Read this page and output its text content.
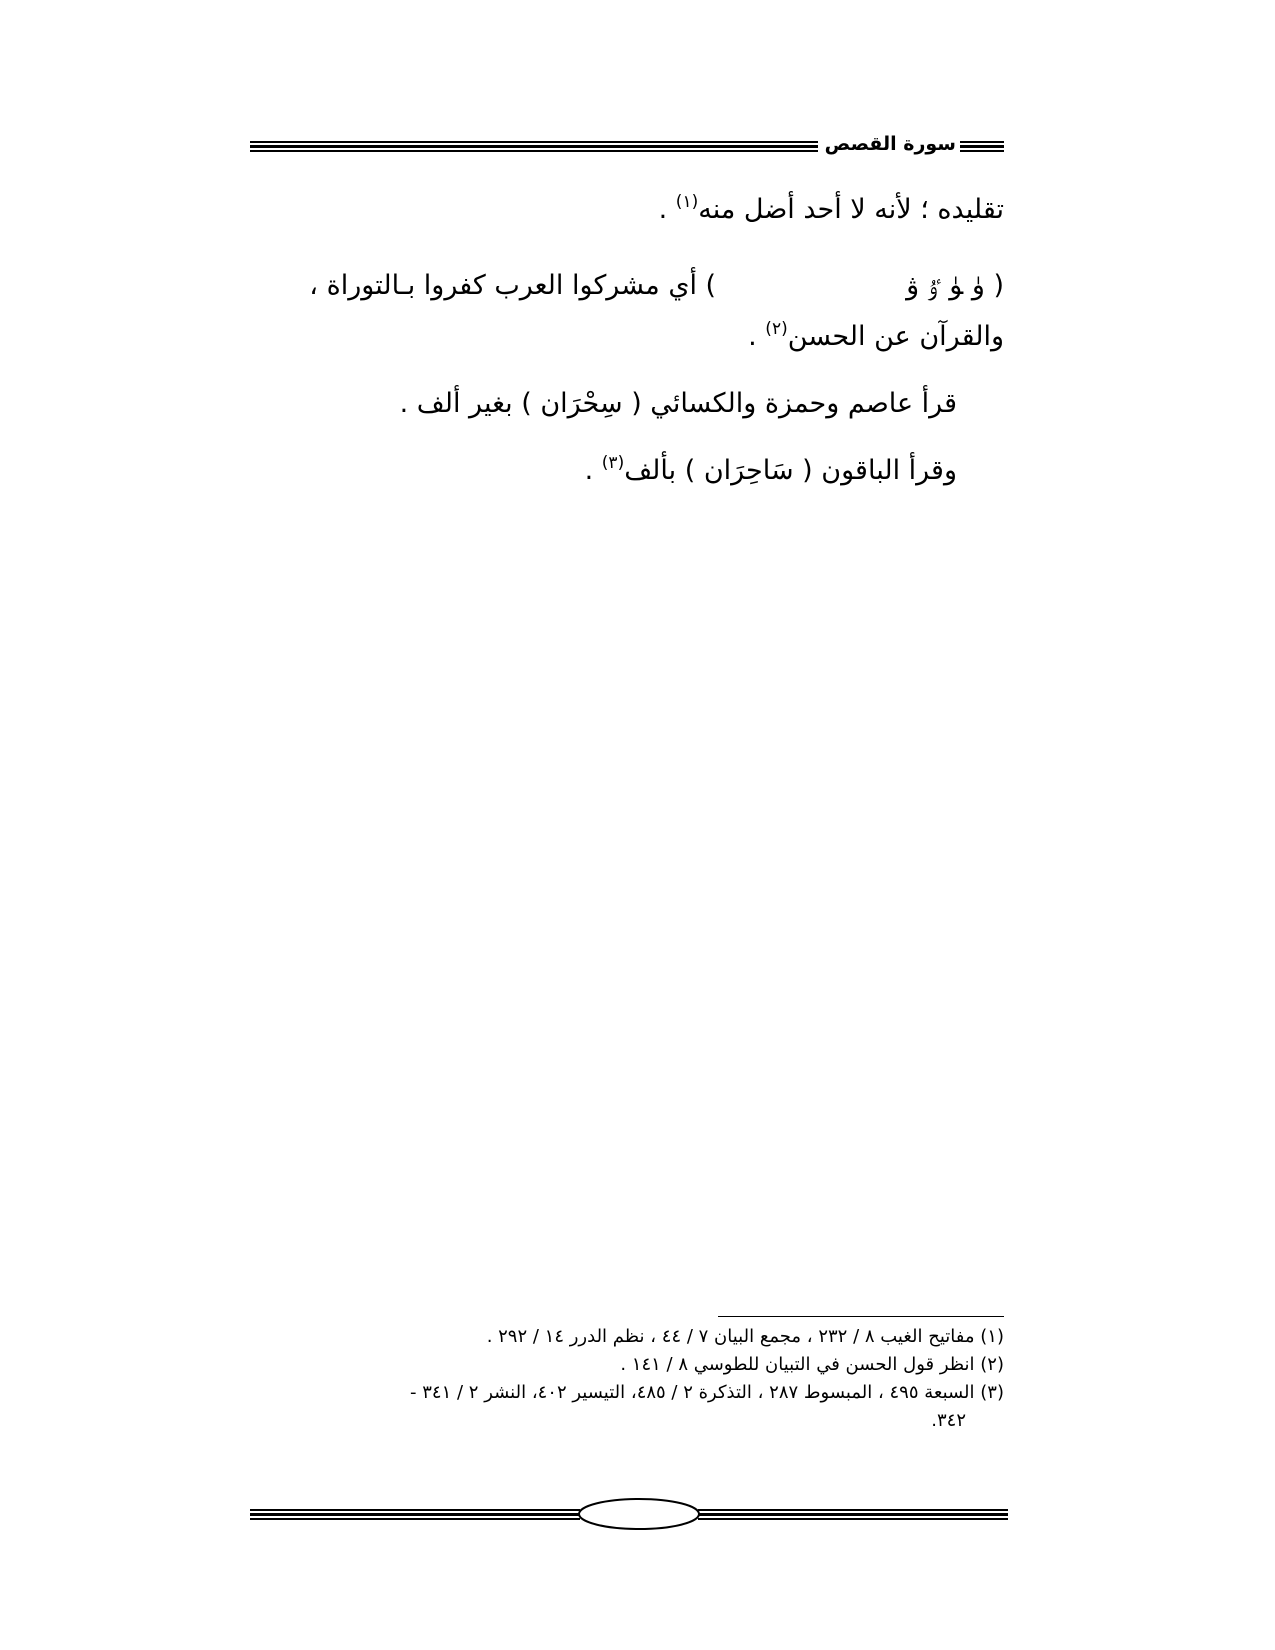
سورة القصص
تقليده ؛ لأنه لا أحد أضل منه$^{(١)}$ .
( ﯛ ﯜ ﯝ ﯞ) أي مشركوا العرب كفروا بـالتوراة ،
والقرآن عن الحسن$^{(٢)}$ .
قرأ عاصم وحمزة والكسائي ( سِحْرَان ) بغير ألف .
وقرأ الباقون ( سَاحِرَان ) بألف$^{(٣)}$ .
(١) مفاتيح الغيب ٨ / ٢٣٢ ، مجمع البيان ٧ / ٤٤ ، نظم الدرر ١٤ / ٢٩٢ .
(٢) انظر قول الحسن في التبيان للطوسي ٨ / ١٤١ .
(٣) السبعة ٤٩٥ ، المبسوط ٢٨٧ ، التذكرة ٢ / ٤٨٥، التيسير ٤٠٢، النشر ٢ / ٣٤١ -
٣٤٢.
